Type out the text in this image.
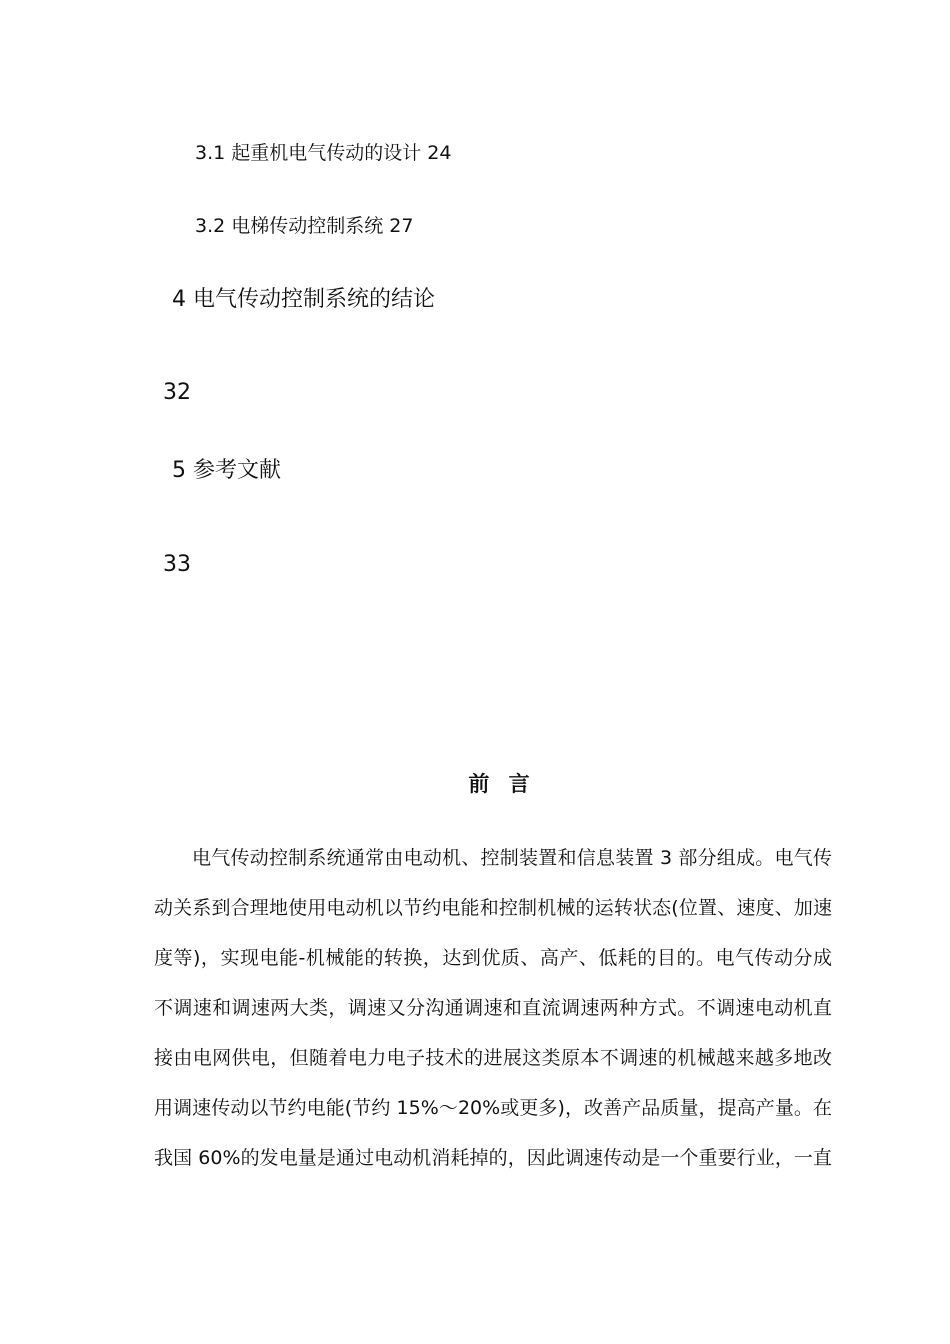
3.1 起重机电气传动的设计 24
3.2 电梯传动控制系统 27
4 电气传动控制系统的结论
32
5 参考文献
33
前 言
电气传动控制系统通常由电动机、控制装置和信息装置 3 部分组成。电气传
动关系到合理地使用电动机以节约电能和控制机械的运转状态(位置、速度、加速
度等)，实现电能-机械能的转换，达到优质、高产、低耗的目的。电气传动分成
不调速和调速两大类，调速又分沟通调速和直流调速两种方式。不调速电动机直
接由电网供电，但随着电力电子技术的进展这类原本不调速的机械越来越多地改
用调速传动以节约电能(节约 15%～20%或更多)，改善产品质量，提高产量。在
我国 60%的发电量是通过电动机消耗掉的，因此调速传动是一个重要行业，一直
